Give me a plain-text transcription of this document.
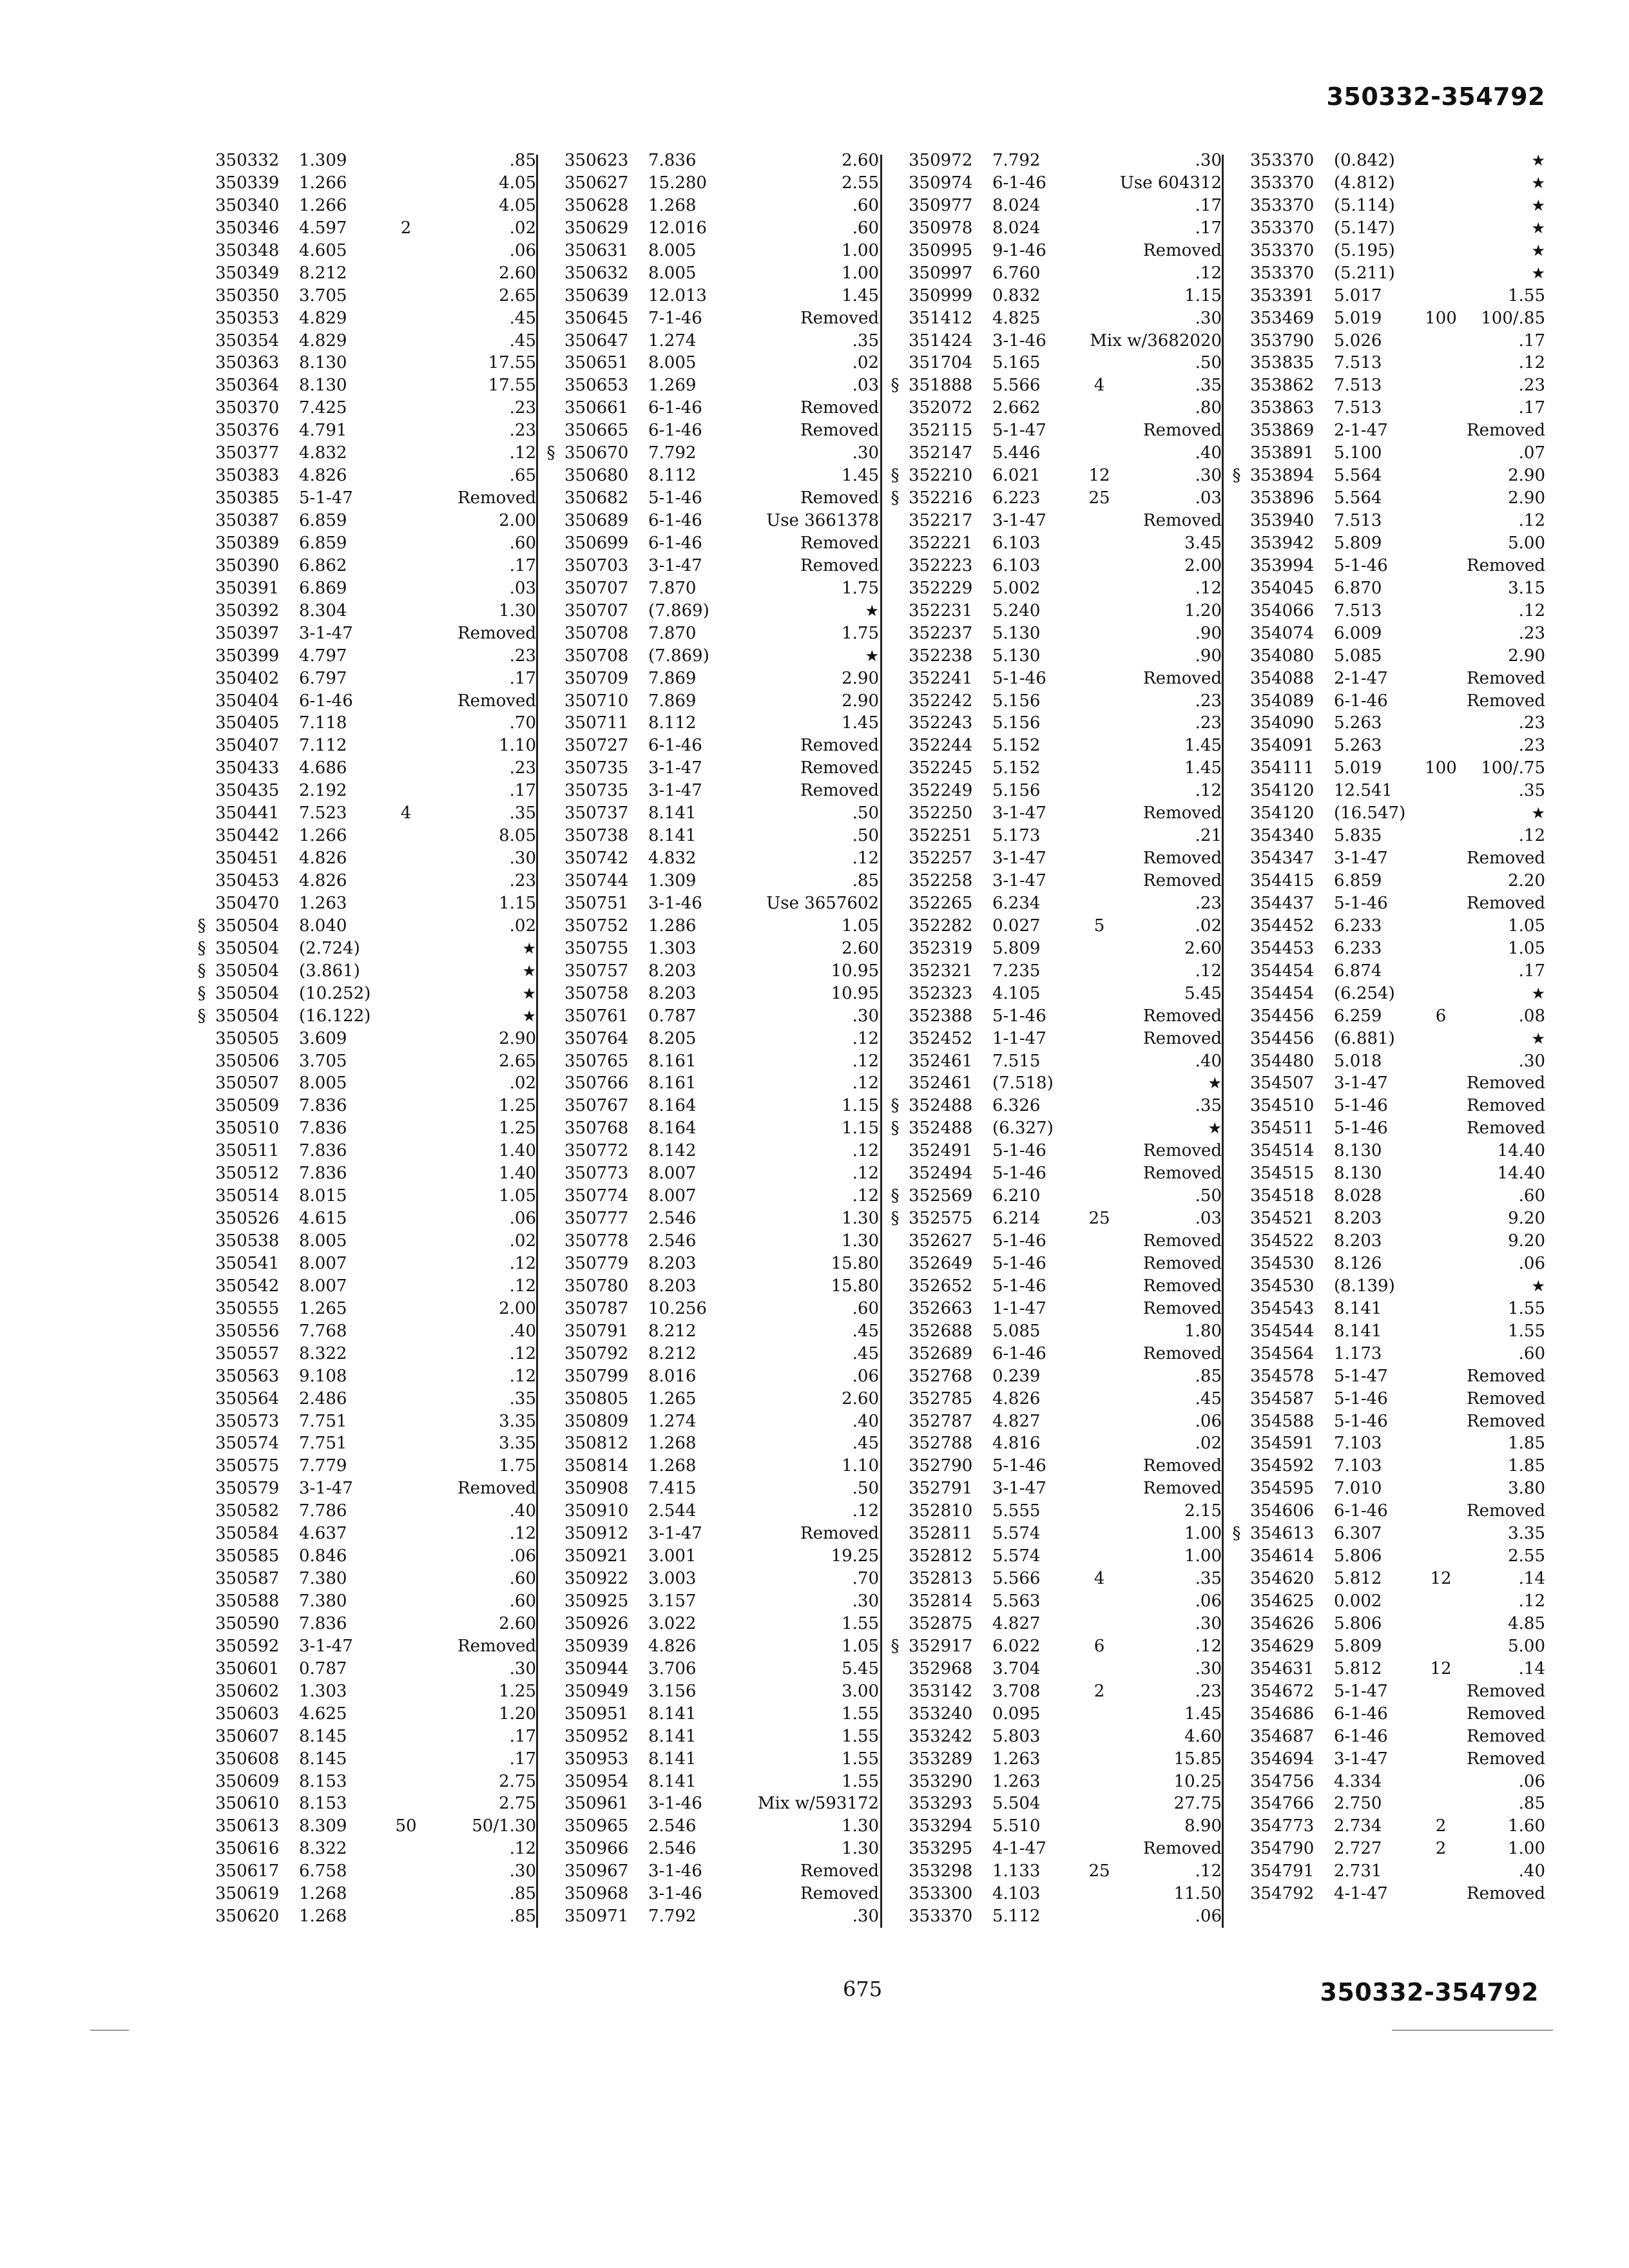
350332-354792
350332 1.309	.85
350339 1.266	4.05
350340 1.266	4.05
350346 4.597	2	.02
350348 4.605	.06
350349 8.212	2.60
350350 3.705	2.65
350353 4.829	.45
350354 4.829	.45
350363 8.130	17.55
350364 8.130	17.55
350370 7.425	.23
350376 4.791	.23
350377 4.832	.12
350383 4.826	.65
350385 5-1-47	Removed
350387 6.859	2.00
350389 6.859	.60
350390 6.862	.17
350391 6.869	.03
350392 8.304	1.30
350397 3-1-47	Removed
350399 4.797	.23
350402 6.797	.17
350404 6-1-46	Removed
350405 7.118	.70
350407 7.112	1.10
350433 4.686	.23
350435 2.192	.17
350441 7.523	4	.35
350442 1.266	8.05
350451 4.826	.30
350453 4.826	.23
350470 1.263	1.15
§ 350504 8.040	.02
§ 350504 (2.724)	★
§ 350504 (3.861)	★
§ 350504 (10.252)	★
§ 350504 (16.122)	★
350505 3.609	2.90
350506 3.705	2.65
350507 8.005	.02
350509 7.836	1.25
350510 7.836	1.25
350511 7.836	1.40
350512 7.836	1.40
350514 8.015	1.05
350526 4.615	.06
350538 8.005	.02
350541 8.007	.12
350542 8.007	.12
350555 1.265	2.00
350556 7.768	.40
350557 8.322	.12
350563 9.108	.12
350564 2.486	.35
350573 7.751	3.35
350574 7.751	3.35
350575 7.779	1.75
350579 3-1-47	Removed
350582 7.786	.40
350584 4.637	.12
350585 0.846	.06
350587 7.380	.60
350588 7.380	.60
350590 7.836	2.60
350592 3-1-47	Removed
350601 0.787	.30
350602 1.303	1.25
350603 4.625	1.20
350607 8.145	.17
350608 8.145	.17
350609 8.153	2.75
350610 8.153	2.75
350613 8.309	50	50/1.30
350616 8.322	.12
350617 6.758	.30
350619 1.268	.85
350620 1.268	.85
350623 7.836	2.60
350627 15.280	2.55
350628 1.268	.60
350629 12.016	.60
350631 8.005	1.00
350632 8.005	1.00
350639 12.013	1.45
350645 7-1-46	Removed
350647 1.274	.35
350651 8.005	.02
350653 1.269	.03
350661 6-1-46	Removed
350665 6-1-46	Removed
§ 350670 7.792	.30
350680 8.112	1.45
350682 5-1-46	Removed
350689 6-1-46	Use 3661378
350699 6-1-46	Removed
350703 3-1-47	Removed
350707 7.870	1.75
350707 (7.869)	★
350708 7.870	1.75
350708 (7.869)	★
350709 7.869	2.90
350710 7.869	2.90
350711 8.112	1.45
350727 6-1-46	Removed
350735 3-1-47	Removed
350735 3-1-47	Removed
350737 8.141	.50
350738 8.141	.50
350742 4.832	.12
350744 1.309	.85
350751 3-1-46	Use 3657602
350752 1.286	1.05
350755 1.303	2.60
350757 8.203	10.95
350758 8.203	10.95
350761 0.787	.30
350764 8.205	.12
350765 8.161	.12
350766 8.161	.12
350767 8.164	1.15
350768 8.164	1.15
350772 8.142	.12
350773 8.007	.12
350774 8.007	.12
350777 2.546	1.30
350778 2.546	1.30
350779 8.203	15.80
350780 8.203	15.80
350787 10.256	.60
350791 8.212	.45
350792 8.212	.45
350799 8.016	.06
350805 1.265	2.60
350809 1.274	.40
350812 1.268	.45
350814 1.268	1.10
350908 7.415	.50
350910 2.544	.12
350912 3-1-47	Removed
350921 3.001	19.25
350922 3.003	.70
350925 3.157	.30
350926 3.022	1.55
350939 4.826	1.05
350944 3.706	5.45
350949 3.156	3.00
350951 8.141	1.55
350952 8.141	1.55
350953 8.141	1.55
350954 8.141	1.55
350961 3-1-46	Mix w/593172
350965 2.546	1.30
350966 2.546	1.30
350967 3-1-46	Removed
350968 3-1-46	Removed
350971 7.792	.30
350972 7.792	.30
350974 6-1-46	Use 604312
350977 8.024	.17
350978 8.024	.17
350995 9-1-46	Removed
350997 6.760	.12
350999 0.832	1.15
351412 4.825	.30
351424 3-1-46	Mix w/3682020
351704 5.165	.50
§ 351888 5.566	4	.35
352072 2.662	.80
352115 5-1-47	Removed
352147 5.446	.40
§ 352210 6.021	12	.30
§ 352216 6.223	25	.03
352217 3-1-47	Removed
352221 6.103	3.45
352223 6.103	2.00
352229 5.002	.12
352231 5.240	1.20
352237 5.130	.90
352238 5.130	.90
352241 5-1-46	Removed
352242 5.156	.23
352243 5.156	.23
352244 5.152	1.45
352245 5.152	1.45
352249 5.156	.12
352250 3-1-47	Removed
352251 5.173	.21
352257 3-1-47	Removed
352258 3-1-47	Removed
352265 6.234	.23
352282 0.027	5	.02
352319 5.809	2.60
352321 7.235	.12
352323 4.105	5.45
352388 5-1-46	Removed
352452 1-1-47	Removed
352461 7.515	.40
352461 (7.518)	★
§ 352488 6.326	.35
§ 352488 (6.327)	★
352491 5-1-46	Removed
352494 5-1-46	Removed
§ 352569 6.210	.50
§ 352575 6.214	25	.03
352627 5-1-46	Removed
352649 5-1-46	Removed
352652 5-1-46	Removed
352663 1-1-47	Removed
352688 5.085	1.80
352689 6-1-46	Removed
352768 0.239	.85
352785 4.826	.45
352787 4.827	.06
352788 4.816	.02
352790 5-1-46	Removed
352791 3-1-47	Removed
352810 5.555	2.15
352811 5.574	1.00
352812 5.574	1.00
352813 5.566	4	.35
352814 5.563	.06
352875 4.827	.30
§ 352917 6.022	6	.12
352968 3.704	.30
353142 3.708	2	.23
353240 0.095	1.45
353242 5.803	4.60
353289 1.263	15.85
353290 1.263	10.25
353293 5.504	27.75
353294 5.510	8.90
353295 4-1-47	Removed
353298 1.133	25	.12
353300 4.103	11.50
353370 5.112	.06
353370 (0.842)	★
353370 (4.812)	★
353370 (5.114)	★
353370 (5.147)	★
353370 (5.195)	★
353370 (5.211)	★
353391 5.017	1.55
353469 5.019	100 100/.85
353790 5.026	.17
353835 7.513	.12
353862 7.513	.23
353863 7.513	.17
353869 2-1-47	Removed
353891 5.100	.07
§ 353894 5.564	2.90
353896 5.564	2.90
353940 7.513	.12
353942 5.809	5.00
353994 5-1-46	Removed
354045 6.870	3.15
354066 7.513	.12
354074 6.009	.23
354080 5.085	2.90
354088 2-1-47	Removed
354089 6-1-46	Removed
354090 5.263	.23
354091 5.263	.23
354111 5.019	100 100/.75
354120 12.541	.35
354120 (16.547)	★
354340 5.835	.12
354347 3-1-47	Removed
354415 6.859	2.20
354437 5-1-46	Removed
354452 6.233	1.05
354453 6.233	1.05
354454 6.874	.17
354454 (6.254)	★
354456 6.259	6	.08
354456 (6.881)	★
354480 5.018	.30
354507 3-1-47	Removed
354510 5-1-46	Removed
354511 5-1-46	Removed
354514 8.130	14.40
354515 8.130	14.40
354518 8.028	.60
354521 8.203	9.20
354522 8.203	9.20
354530 8.126	.06
354530 (8.139)	★
354543 8.141	1.55
354544 8.141	1.55
354564 1.173	.60
354578 5-1-47	Removed
354587 5-1-46	Removed
354588 5-1-46	Removed
354591 7.103	1.85
354592 7.103	1.85
354595 7.010	3.80
354606 6-1-46	Removed
§ 354613 6.307	3.35
354614 5.806	2.55
354620 5.812	12	.14
354625 0.002	.12
354626 5.806	4.85
354629 5.809	5.00
354631 5.812	12	.14
354672 5-1-47	Removed
354686 6-1-46	Removed
354687 6-1-46	Removed
354694 3-1-47	Removed
354756 4.334	.06
354766 2.750	.85
354773 2.734	2	1.60
354790 2.727	2	1.00
354791 2.731	.40
354792 4-1-47	Removed
675	350332-354792
